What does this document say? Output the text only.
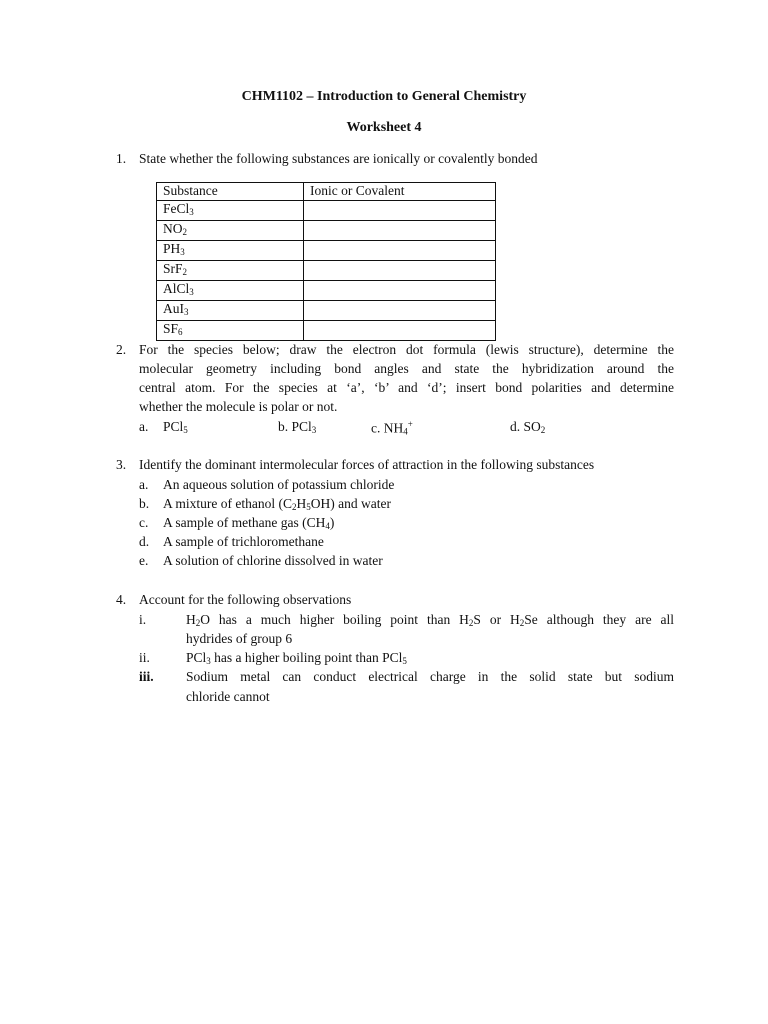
CHM1102 – Introduction to General Chemistry
Worksheet 4
1. State whether the following substances are ionically or covalently bonded
Substance	Ionic or Covalent
FeCl$_3$	
$NO_2$	
$PH_3$	
SrF$_2$	
AlCl$_3$	
AuI$_3$	
$SF_6$	
2. For the species below; draw the electron dot formula (lewis structure), determine the
molecular geometry including bond angles and state the hybridization around the
central atom. For the species at ‘a’, ‘b’ and ‘d’; insert bond polarities and determine
whether the molecule is polar or not.
a. PCl$_5$	b. PCl$_3$	c. $NH_4^+$	d. $SO_2$
3. Identify the dominant intermolecular forces of attraction in the following substances
a. An aqueous solution of potassium chloride
b. A mixture of ethanol $(C_2H_5OH)$ and water
c. A sample of methane gas $(CH_4)$
d. A sample of trichloromethane
e. A solution of chlorine dissolved in water
4. Account for the following observations
i.	$H_2O$ has a much higher boiling point than $H_2S$ or $H_2Se$ although they are all
hydrides of group 6
ii.	PCl$_3$ has a higher boiling point than PCl$_5$
iii. Sodium metal can conduct electrical charge in the solid state but sodium
chloride cannot
